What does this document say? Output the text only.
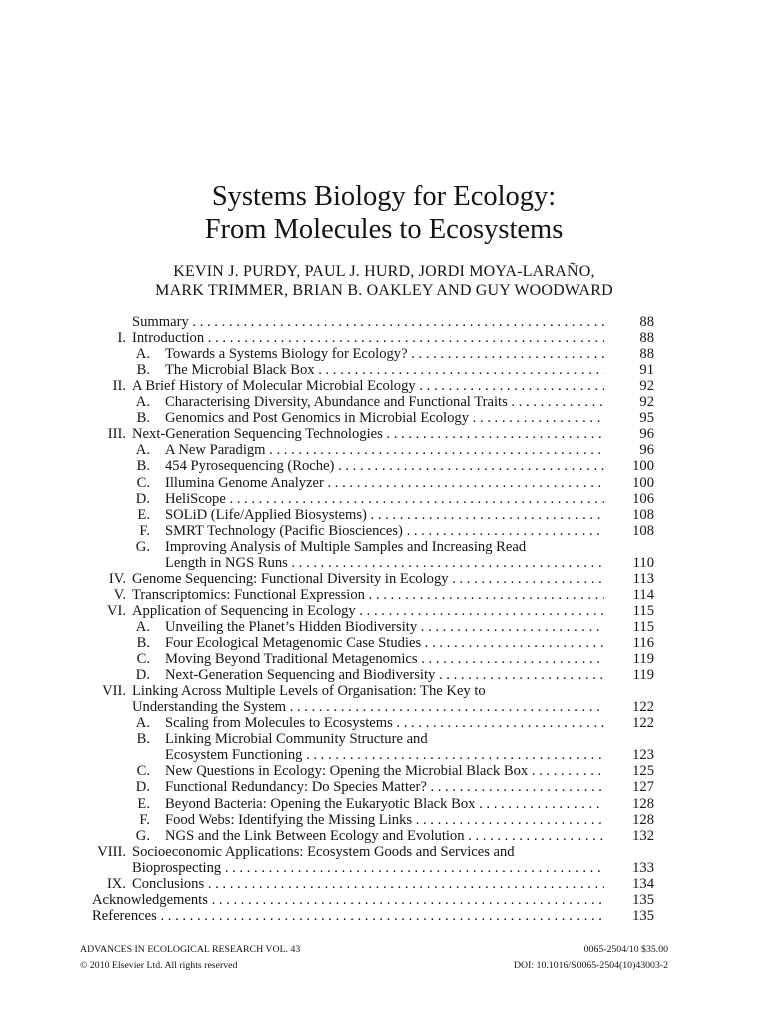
Systems Biology for Ecology:
From Molecules to Ecosystems
KEVIN J. PURDY, PAUL J. HURD, JORDI MOYA-LARAÑO,
MARK TRIMMER, BRIAN B. OAKLEY AND GUY WOODWARD
Summary . . .	88
I. Introduction . . .	88
A. Towards a Systems Biology for Ecology? . . .	88
B. The Microbial Black Box . . .	91
II. A Brief History of Molecular Microbial Ecology . . .	92
A. Characterising Diversity, Abundance and Functional Traits . . .	92
B. Genomics and Post Genomics in Microbial Ecology . . .	95
III. Next-Generation Sequencing Technologies . . .	96
A. A New Paradigm . . .	96
B. 454 Pyrosequencing (Roche) . . .	100
C. Illumina Genome Analyzer . . .	100
D. HeliScope . . .	106
E. SOLiD (Life/Applied Biosystems) . . .	108
F. SMRT Technology (Pacific Biosciences) . . .	108
G. Improving Analysis of Multiple Samples and Increasing Read
Length in NGS Runs . . .	110
IV. Genome Sequencing: Functional Diversity in Ecology . . .	113
V. Transcriptomics: Functional Expression . . .	114
VI. Application of Sequencing in Ecology . . .	115
A. Unveiling the Planet’s Hidden Biodiversity . . .	115
B. Four Ecological Metagenomic Case Studies . . .	116
C. Moving Beyond Traditional Metagenomics . . .	119
D. Next-Generation Sequencing and Biodiversity . . .	119
VII. Linking Across Multiple Levels of Organisation: The Key to
Understanding the System . . .	122
A. Scaling from Molecules to Ecosystems . . .	122
B. Linking Microbial Community Structure and
Ecosystem Functioning . . .	123
C. New Questions in Ecology: Opening the Microbial Black Box . . .	125
D. Functional Redundancy: Do Species Matter? . . .	127
E. Beyond Bacteria: Opening the Eukaryotic Black Box . . .	128
F. Food Webs: Identifying the Missing Links . . .	128
G. NGS and the Link Between Ecology and Evolution . . .	132
VIII. Socioeconomic Applications: Ecosystem Goods and Services and
Bioprospecting . . .	133
IX. Conclusions . . .	134
Acknowledgements . . .	135
References . . .	135
ADVANCES IN ECOLOGICAL RESEARCH VOL. 43
© 2010 Elsevier Ltd. All rights reserved
0065-2504/10 $35.00
DOI: 10.1016/S0065-2504(10)43003-2
